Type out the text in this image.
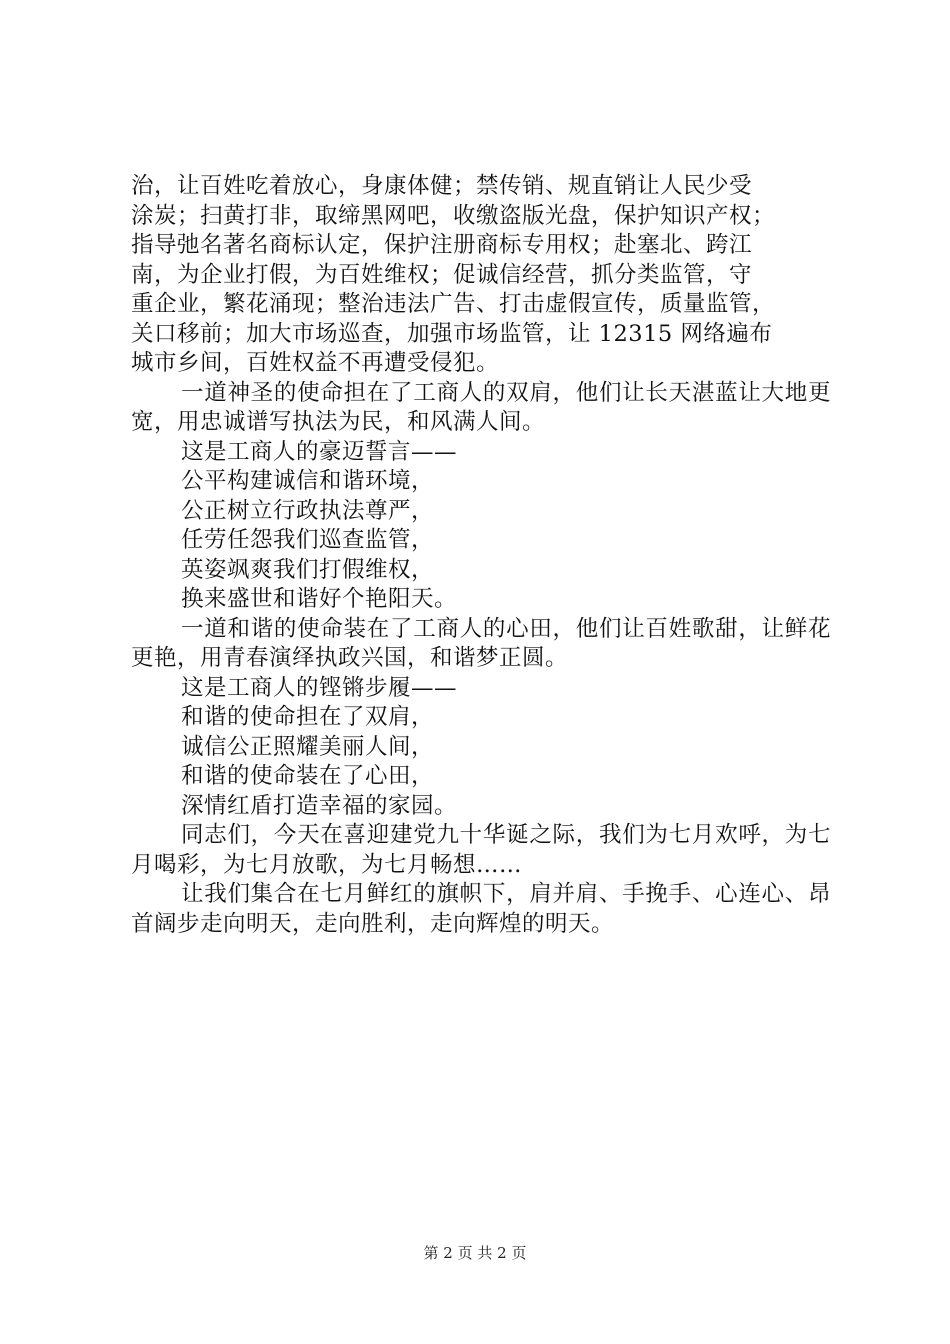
治，让百姓吃着放心，身康体健；禁传销、规直销让人民少受
涂炭；扫黄打非，取缔黑网吧，收缴盗版光盘，保护知识产权；
指导弛名著名商标认定，保护注册商标专用权；赴塞北、跨江
南，为企业打假，为百姓维权；促诚信经营，抓分类监管，守
重企业，繁花涌现；整治违法广告、打击虚假宣传，质量监管，
关口移前；加大市场巡查，加强市场监管，让 12315 网络遍布
城市乡间，百姓权益不再遭受侵犯。

一道神圣的使命担在了工商人的双肩，他们让长天湛蓝让大地更宽，用忠诚谱写执法为民，和风满人间。

这是工商人的豪迈誓言——

公平构建诚信和谐环境，

公正树立行政执法尊严，

任劳任怨我们巡查监管，

英姿飒爽我们打假维权，

换来盛世和谐好个艳阳天。

一道和谐的使命装在了工商人的心田，他们让百姓歌甜，让鲜花更艳，用青春演绎执政兴国，和谐梦正圆。

这是工商人的铿锵步履——

和谐的使命担在了双肩，

诚信公正照耀美丽人间，

和谐的使命装在了心田，

深情红盾打造幸福的家园。

同志们，今天在喜迎建党九十华诞之际，我们为七月欢呼，为七月喝彩，为七月放歌，为七月畅想……

让我们集合在七月鲜红的旗帜下，肩并肩、手挽手、心连心、昂首阔步走向明天，走向胜利，走向辉煌的明天。

第 2 页 共 2 页
